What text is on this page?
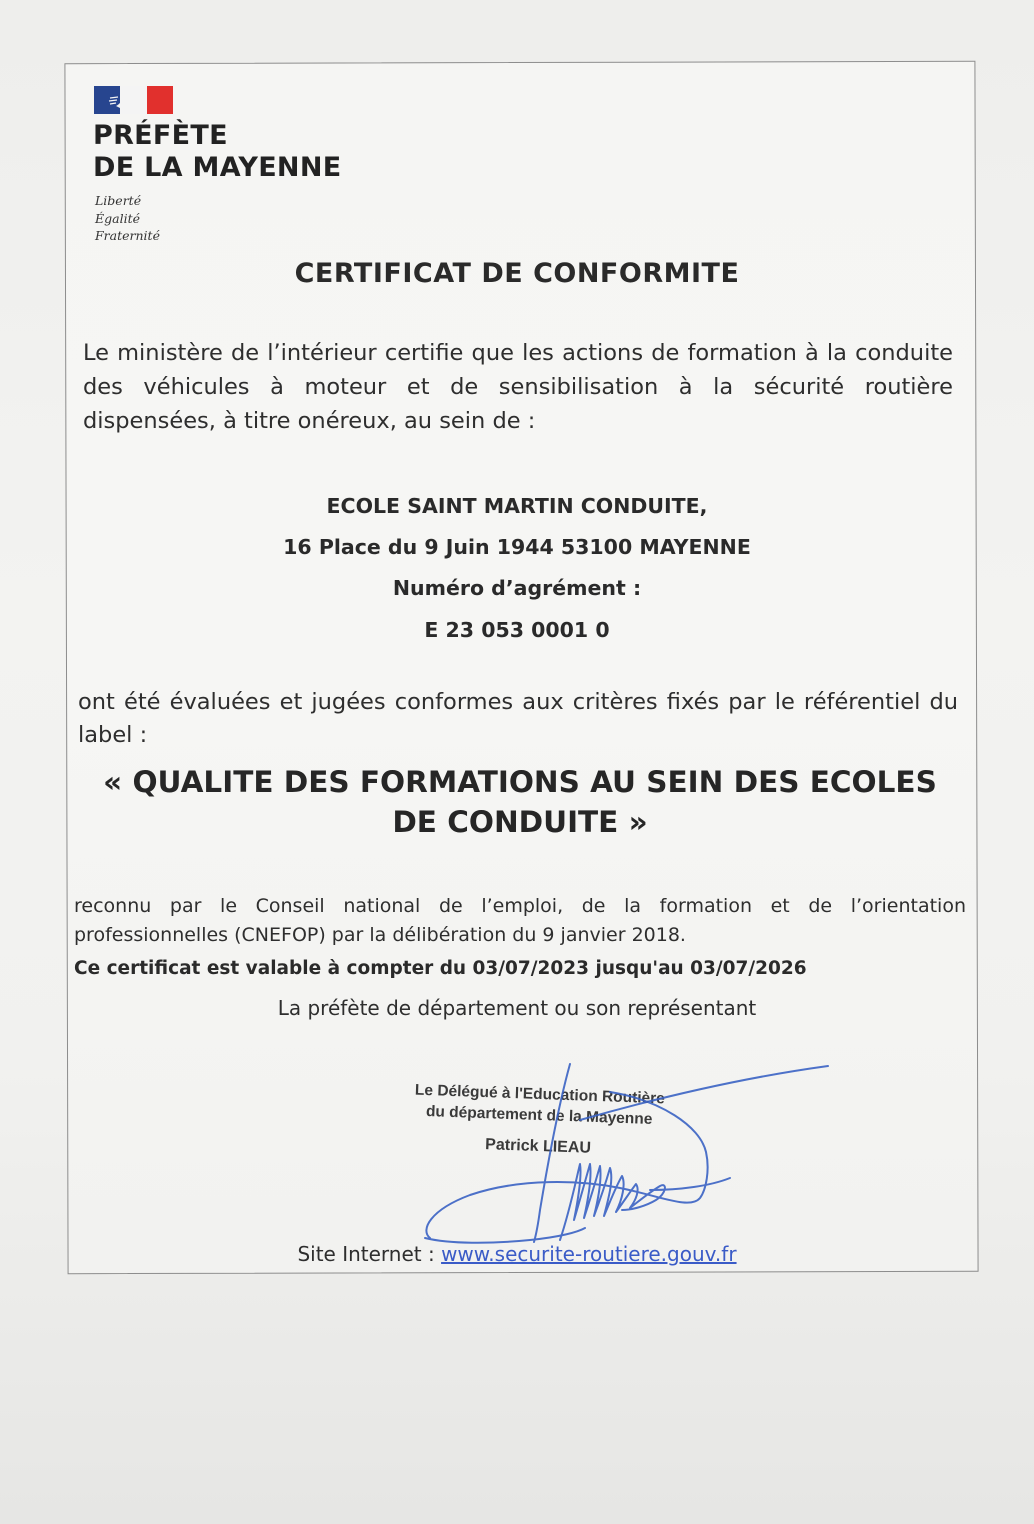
PRÉFÈTE
DE LA MAYENNE
Liberté
Égalité
Fraternité
CERTIFICAT DE CONFORMITE
Le ministère de l’intérieur certifie que les actions de formation à la conduite des véhicules à moteur et de sensibilisation à la sécurité routière dispensées, à titre onéreux, au sein de :
ECOLE SAINT MARTIN CONDUITE,
16 Place du 9 Juin 1944 53100 MAYENNE
Numéro d’agrément :
E 23 053 0001 0
ont été évaluées et jugées conformes aux critères fixés par le référentiel du label :
« QUALITE DES FORMATIONS AU SEIN DES ECOLES
DE CONDUITE »
reconnu par le Conseil national de l’emploi, de la formation et de l’orientation professionnelles (CNEFOP) par la délibération du 9 janvier 2018.
Ce certificat est valable à compter du 03/07/2023 jusqu'au 03/07/2026
La préfète de département ou son représentant
Le Délégué à l'Education Routière
du département de la Mayenne
Patrick LIEAU
Site Internet : www.securite-routiere.gouv.fr
